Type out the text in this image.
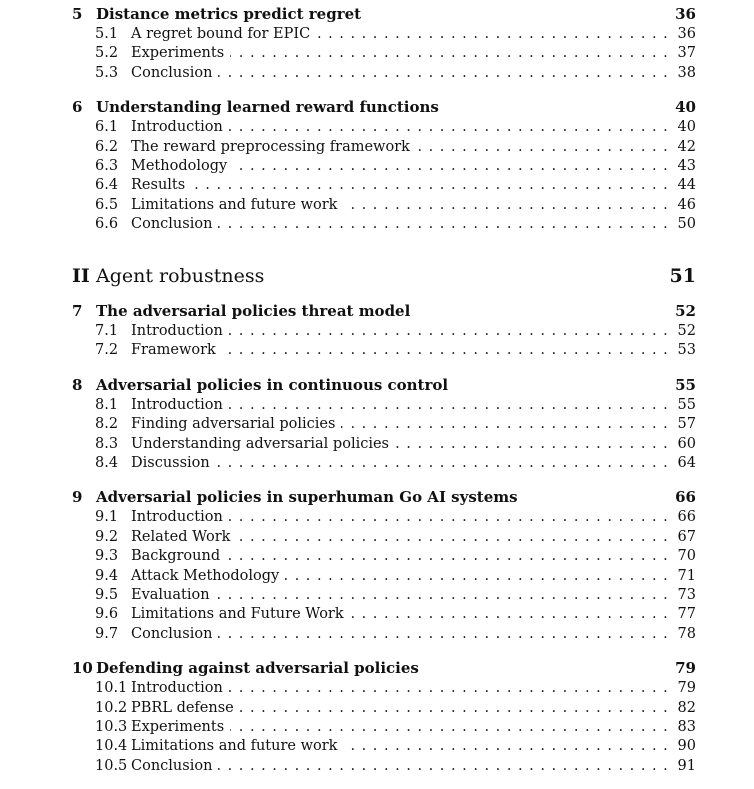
5 Distance metrics predict regret	36
5.1 A regret bound for EPIC . . .	36
5.2 Experiments . . .	37
5.3 Conclusion . . .	38
6 Understanding learned reward functions	40
6.1 Introduction . . .	40
6.2 The reward preprocessing framework . . .	42
6.3 Methodology . . .	43
6.4 Results . . .	44
6.5 Limitations and future work . . .	46
6.6 Conclusion . . .	50
II Agent robustness	51
7 The adversarial policies threat model	52
7.1 Introduction . . .	52
7.2 Framework . . .	53
8 Adversarial policies in continuous control	55
8.1 Introduction . . .	55
8.2 Finding adversarial policies . . .	57
8.3 Understanding adversarial policies . . .	60
8.4 Discussion . . .	64
9 Adversarial policies in superhuman Go AI systems	66
9.1 Introduction . . .	66
9.2 Related Work . . .	67
9.3 Background . . .	70
9.4 Attack Methodology . . .	71
9.5 Evaluation . . .	73
9.6 Limitations and Future Work . . .	77
9.7 Conclusion . . .	78
10 Defending against adversarial policies	79
10.1 Introduction . . .	79
10.2 PBRL defense . . .	82
10.3 Experiments . . .	83
10.4 Limitations and future work . . .	90
10.5 Conclusion . . .	91
